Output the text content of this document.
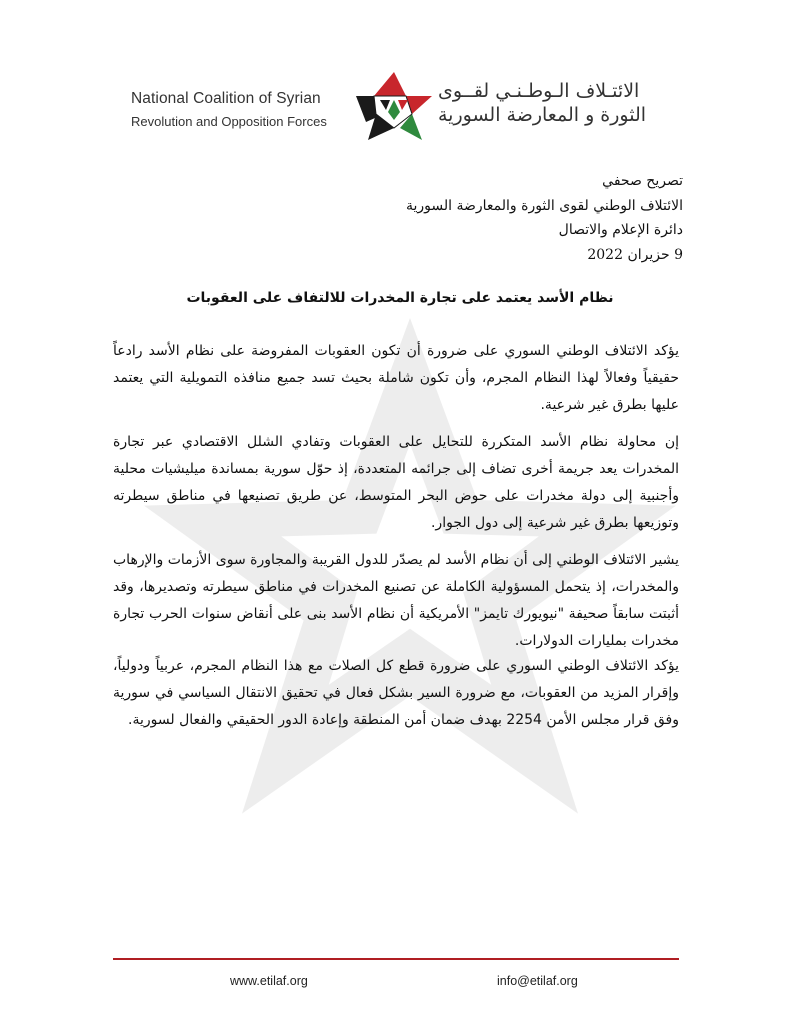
National Coalition of Syrian
Revolution and Opposition Forces
الائتـلاف الـوطـنـي لقــوى
الثورة و المعارضة السورية
تصريح صحفي
الائتلاف الوطني لقوى الثورة والمعارضة السورية
دائرة الإعلام والاتصال
9 حزيران 2022
نظام الأسد يعتمد على تجارة المخدرات للالتفاف على العقوبات
يؤكد الائتلاف الوطني السوري على ضرورة أن تكون العقوبات المفروضة على نظام الأسد رادعاً حقيقياً وفعالاً لهذا النظام المجرم، وأن تكون شاملة بحيث تسد جميع منافذه التمويلية التي يعتمد عليها بطرق غير شرعية.
إن محاولة نظام الأسد المتكررة للتحايل على العقوبات وتفادي الشلل الاقتصادي عبر تجارة المخدرات يعد جريمة أخرى تضاف إلى جرائمه المتعددة، إذ حوّل سورية بمساندة ميليشيات محلية وأجنبية إلى دولة مخدرات على حوض البحر المتوسط، عن طريق تصنيعها في مناطق سيطرته وتوزيعها بطرق غير شرعية إلى دول الجوار.
يشير الائتلاف الوطني إلى أن نظام الأسد لم يصدّر للدول القريبة والمجاورة سوى الأزمات والإرهاب والمخدرات، إذ يتحمل المسؤولية الكاملة عن تصنيع المخدرات في مناطق سيطرته وتصديرها، وقد أثبتت سابقاً صحيفة "نيويورك تايمز" الأمريكية أن نظام الأسد بنى على أنقاض سنوات الحرب تجارة مخدرات بمليارات الدولارات.
يؤكد الائتلاف الوطني السوري على ضرورة قطع كل الصلات مع هذا النظام المجرم، عربياً ودولياً، وإقرار المزيد من العقوبات، مع ضرورة السير بشكل فعال في تحقيق الانتقال السياسي في سورية وفق قرار مجلس الأمن 2254 بهدف ضمان أمن المنطقة وإعادة الدور الحقيقي والفعال لسورية.
www.etilaf.org	info@etilaf.org
